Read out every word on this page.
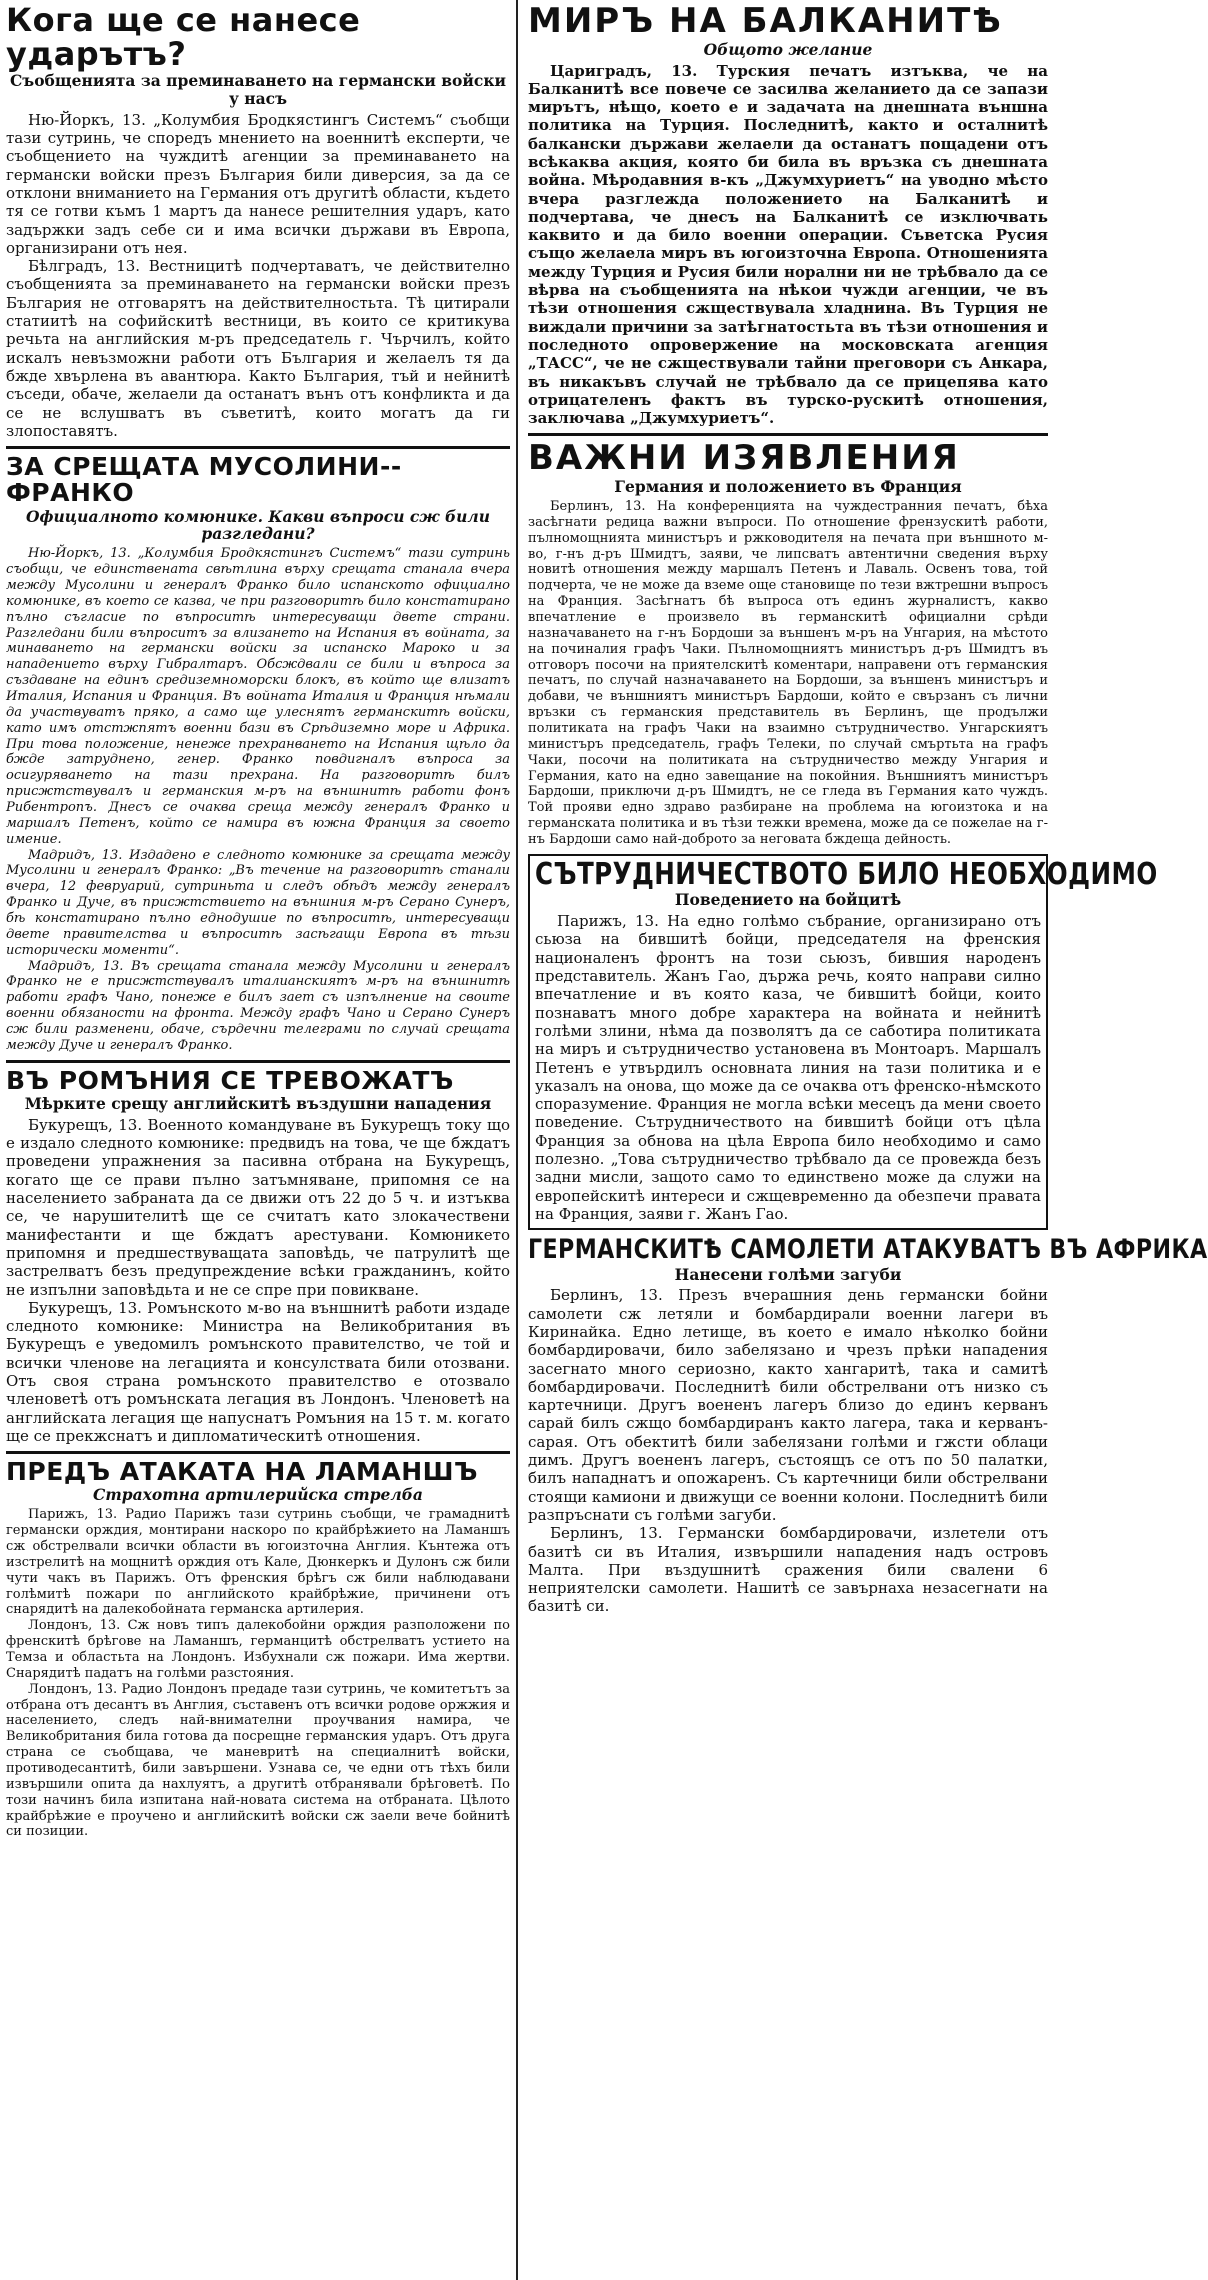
Кога ще се нанесе ударътъ?
Съобщенията за преминаването на германски войски у насъ

Ню-Йоркъ, 13. „Колумбия Бродкястингъ Системъ“ съобщи тази сутринь, че споредъ мнението на военнитѣ експерти, че съобщението на чуждитѣ агенции за преминаването на германски войски презъ България били диверсия, за да се отклони вниманието на Германия отъ другитѣ области, където тя се готви къмъ 1 мартъ да нанесе решителния ударъ, като задържки задъ себе си и има всички държави въ Европа, организирани отъ нея.

Бѣлградъ, 13. Вестницитѣ подчертаватъ, че действително съобщенията за преминаването на германски войски презъ България не отговарятъ на действителностьта. Тѣ цитирали статиитѣ на софийскитѣ вестници, въ които се критикува речьта на английския м-ръ председатель г. Чърчилъ, който искалъ невъзможни работи отъ България и желаелъ тя да бжде хвърлена въ авантюра. Както България, тъй и нейнитѣ съседи, обаче, желаели да останатъ вънъ отъ конфликта и да се не вслушватъ въ съветитѣ, които могатъ да ги злопоставятъ.

ЗА СРЕЩАТА МУСОЛИНИ--ФРАНКО
Официалното комюнике. Какви въпроси сж били разгледани?

Ню-Йоркъ, 13. „Колумбия Бродкястингъ Системъ“ тази сутринь съобщи, че единствената свѣтлина върху срещата станала вчера между Мусолини и генералъ Франко било испанското официално комюнике, въ което се казва, че при разговоритѣ било констатирано пълно съгласие по въпроситѣ интересуващи двете страни. Разгледани били въпроситъ за влизането на Испания въ войната, за минаването на германски войски за испанско Мароко и за нападението върху Гибралтаръ. Обсждвали се били и въпроса за създаване на единъ средиземноморски блокъ, въ който ще влизатъ Италия, Испания и Франция. Въ войната Италия и Франция нѣмали да участвуватъ пряко, а само ще улеснятъ германскитѣ войски, като имъ отстжпятъ военни бази въ Срѣдиземно море и Африка. При това положение, ненеже прехранването на Испания щѣло да бжде затруднено, генер. Франко повдигналъ въпроса за осигуряването на тази прехрана. На разговоритѣ билъ присжтствувалъ и германския м-ръ на външнитѣ работи фонъ Рибентропъ. Днесъ се очаква среща между генералъ Франко и маршалъ Петенъ, който се намира въ южна Франция за своето имение.

Мадридъ, 13. Издадено е следното комюнике за срещата между Мусолини и генералъ Франко: „Въ течение на разговоритѣ станали вчера, 12 февруарий, сутриньта и следъ обѣдъ между генералъ Франко и Дуче, въ присжтствието на външния м-ръ Серано Сунеръ, бѣ констатирано пълно еднодушие по въпроситѣ, интересуващи двете правителства и въпроситѣ засѣгащи Европа въ тѣзи исторически моменти“.

Мадридъ, 13. Въ срещата станала между Мусолини и генералъ Франко не е присжтствувалъ италианскиятъ м-ръ на външнитѣ работи графъ Чано, понеже е билъ зает съ изпълнение на своите военни обязаности на фронта. Между графъ Чано и Серано Сунеръ сж били разменени, обаче, сърдечни телеграми по случай срещата между Дуче и генералъ Франко.

ВЪ РОМЪНИЯ СЕ ТРЕВОЖАТЪ
Мѣрките срещу английскитѣ въздушни нападения

Букурещъ, 13. Военното командуване въ Букурещъ току що е издало следното комюнике: предвидъ на това, че ще бждатъ проведени упражнения за пасивна отбрана на Букурещъ, когато ще се прави пълно затъмняване, припомня се на населението забраната да се движи отъ 22 до 5 ч. и изтъква се, че нарушителитѣ ще се считатъ като злокачествени манифестанти и ще бждатъ арестувани. Комюникето припомня и предшествуващата заповѣдь, че патрулитѣ ще застрелватъ безъ предупреждение всѣки гражданинъ, който не изпълни заповѣдьта и не се спре при повикване.

Букурещъ, 13. Ромънското м-во на външнитѣ работи издаде следното комюнике: Министра на Великобритания въ Букурещъ е уведомилъ ромънското правителство, че той и всички членове на легацията и консулствата били отозвани. Отъ своя страна ромънското правителство е отозвало членоветѣ отъ ромънската легация въ Лондонъ. Членоветѣ на английската легация ще напуснатъ Ромъния на 15 т. м. когато ще се прекжснатъ и дипломатическитѣ отношения.

ПРЕДЪ АТАКАТА НА ЛАМАНШЪ
Страхотна артилерийска стрелба

Парижъ, 13. Радио Парижъ тази сутринь съобщи, че грамаднитѣ германски орждия, монтирани наскоро по крайбрѣжието на Ламаншъ сж обстрелвали всички области въ югоизточна Англия. Кънтежа отъ изстрелитѣ на мощнитѣ орждия отъ Кале, Дюнкеркъ и Дулонъ сж били чути чакъ въ Парижъ. Отъ френския брѣгъ сж били наблюдавани голѣмитѣ пожари по английското крайбрѣжие, причинени отъ снарядитѣ на далекобойната германска артилерия.

Лондонъ, 13. Сж новъ типъ далекобойни орждия разположени по френскитѣ брѣгове на Ламаншъ, германцитѣ обстрелватъ устието на Темза и областьта на Лондонъ. Избухнали сж пожари. Има жертви. Снарядитѣ падатъ на голѣми разстояния.

Лондонъ, 13. Радио Лондонъ предаде тази сутринь, че комитетътъ за отбрана отъ десантъ въ Англия, съставенъ отъ всички родове оржжия и населението, следъ най-внимателни проучвания намира, че Великобритания била готова да посрещне германския ударъ. Отъ друга страна се съобщава, че маневритѣ на специалнитѣ войски, противодесантитѣ, били завършени. Узнава се, че едни отъ тѣхъ били извършили опита да нахлуятъ, а другитѣ отбранявали брѣговетѣ. По този начинъ била изпитана най-новата система на отбраната. Цѣлото крайбрѣжие е проучено и английскитѣ войски сж заели вече бойнитѣ си позиции.

МИРЪ НА БАЛКАНИТѢ
Общото желание

Цариградъ, 13. Турския печатъ изтъква, че на Балканитѣ все повече се засилва желанието да се запази мирътъ, нѣщо, което е и задачата на днешната външна политика на Турция. Последнитѣ, както и осталнитѣ балкански държави желаели да останатъ пощадени отъ всѣкаква акция, която би била въ връзка съ днешната война. Мѣродавния в-къ „Джумхуриетъ“ на уводно мѣсто вчера разглежда положението на Балканитѣ и подчертава, че днесъ на Балканитѣ се изключвать каквито и да било военни операции. Съветска Русия също желаела миръ въ югоизточна Европа. Отношенията между Турция и Русия били норални ни не трѣбвало да се вѣрва на съобщенията на нѣкои чужди агенции, че въ тѣзи отношения сжществувала хладнина. Въ Турция не виждали причини за затѣгнатостьта въ тѣзи отношения и последното опровержение на московската агенция „ТАСС“, че не сжществували тайни преговори съ Анкара, въ никакъвъ случай не трѣбвало да се прицепява като отрицателенъ фактъ въ турско-рускитѣ отношения, заключава „Джумхуриетъ“.

ВАЖНИ ИЗЯВЛЕНИЯ
Германия и положението въ Франция

Берлинъ, 13. На конференцията на чуждестранния печатъ, бѣха засѣгнати редица важни въпроси. По отношение френзускитѣ работи, пълномощнията министъръ и ржководителя на печата при външното м-во, г-нъ д-ръ Шмидтъ, заяви, че липсватъ автентични сведения върху новитѣ отношения между маршалъ Петенъ и Лаваль. Освенъ това, той подчерта, че не може да вземе още становище по тези вжтрешни въпросъ на Франция. Засѣгнатъ бѣ въпроса отъ единъ журналистъ, какво впечатление е произвело въ германскитѣ официални срѣди назначаването на г-нъ Бордоши за външенъ м-ръ на Унгария, на мѣстото на починалия графъ Чаки. Пълномощниятъ министъръ д-ръ Шмидтъ въ отговоръ посочи на приятелскитѣ коментари, направени отъ германския печатъ, по случай назначаването на Бордоши, за външенъ министъръ и добави, че външниятъ министъръ Бардоши, който е свързанъ съ лични връзки съ германския представитель въ Берлинъ, ще продължи политиката на графъ Чаки на взаимно сътрудничество. Унгарскиятъ министъръ председатель, графъ Телеки, по случай смъртьта на графъ Чаки, посочи на политиката на сътрудничество между Унгария и Германия, като на едно завещание на покойния. Външниятъ министъръ Бардоши, приключи д-ръ Шмидтъ, не се гледа въ Германия като чуждъ. Той прояви едно здраво разбиране на проблема на югоизтока и на германската политика и въ тѣзи тежки времена, може да се пожелае на г-нъ Бардоши само най-доброто за неговата бждеща дейность.

СЪТРУДНИЧЕСТВОТО БИЛО НЕОБХОДИМО
Поведението на бойцитѣ

Парижъ, 13. На едно голѣмо събрание, организирано отъ сьюза на бившитѣ бойци, председателя на френския националенъ фронтъ на този сьюзъ, бившия народенъ представитель. Жанъ Гао, държа речь, която направи силно впечатление и въ която каза, че бившитѣ бойци, които познаватъ много добре характера на войната и нейнитѣ голѣми злини, нѣма да позволятъ да се саботира политиката на миръ и сътрудничество установена въ Монтоаръ. Маршалъ Петенъ е утвърдилъ основната линия на тази политика и е указалъ на онова, що може да се очаква отъ френско-нѣмското споразумение. Франция не могла всѣки месецъ да мени своето поведение. Сътрудничеството на бившитѣ бойци отъ цѣла Франция за обнова на цѣла Европа било необходимо и само полезно. „Това сътрудничество трѣбвало да се провежда безъ задни мисли, защото само то единствено може да служи на европейскитѣ интереси и сжщевременно да обезпечи правата на Франция, заяви г. Жанъ Гао.

ГЕРМАНСКИТѢ САМОЛЕТИ АТАКУВАТЪ ВЪ АФРИКА
Нанесени голѣми загуби

Берлинъ, 13. Презъ вчерашния день германски бойни самолети сж летяли и бомбардирали военни лагери въ Киринайка. Едно летище, въ което е имало нѣколко бойни бомбардировачи, било забелязано и чрезъ прѣки нападения засегнато много сериозно, както хангаритѣ, така и самитѣ бомбардировачи. Последнитѣ били обстрелвани отъ низко съ картечници. Другъ воененъ лагеръ близо до единъ керванъ сарай билъ сжщо бомбардиранъ както лагера, така и керванъ-сарая. Отъ обектитѣ били забелязани голѣми и гжсти облаци димъ. Другъ воененъ лагеръ, състоящъ се отъ по 50 палатки, билъ нападнатъ и опожаренъ. Съ картечници били обстрелвани стоящи камиони и движущи се военни колони. Последнитѣ били разпръснати съ голѣми загуби.

Берлинъ, 13. Германски бомбардировачи, излетели отъ базитѣ си въ Италия, извършили нападения надъ островъ Малта. При въздушнитѣ сражения били свалени 6 неприятелски самолети. Нашитѣ се завърнаха незасегнати на базитѣ си.
